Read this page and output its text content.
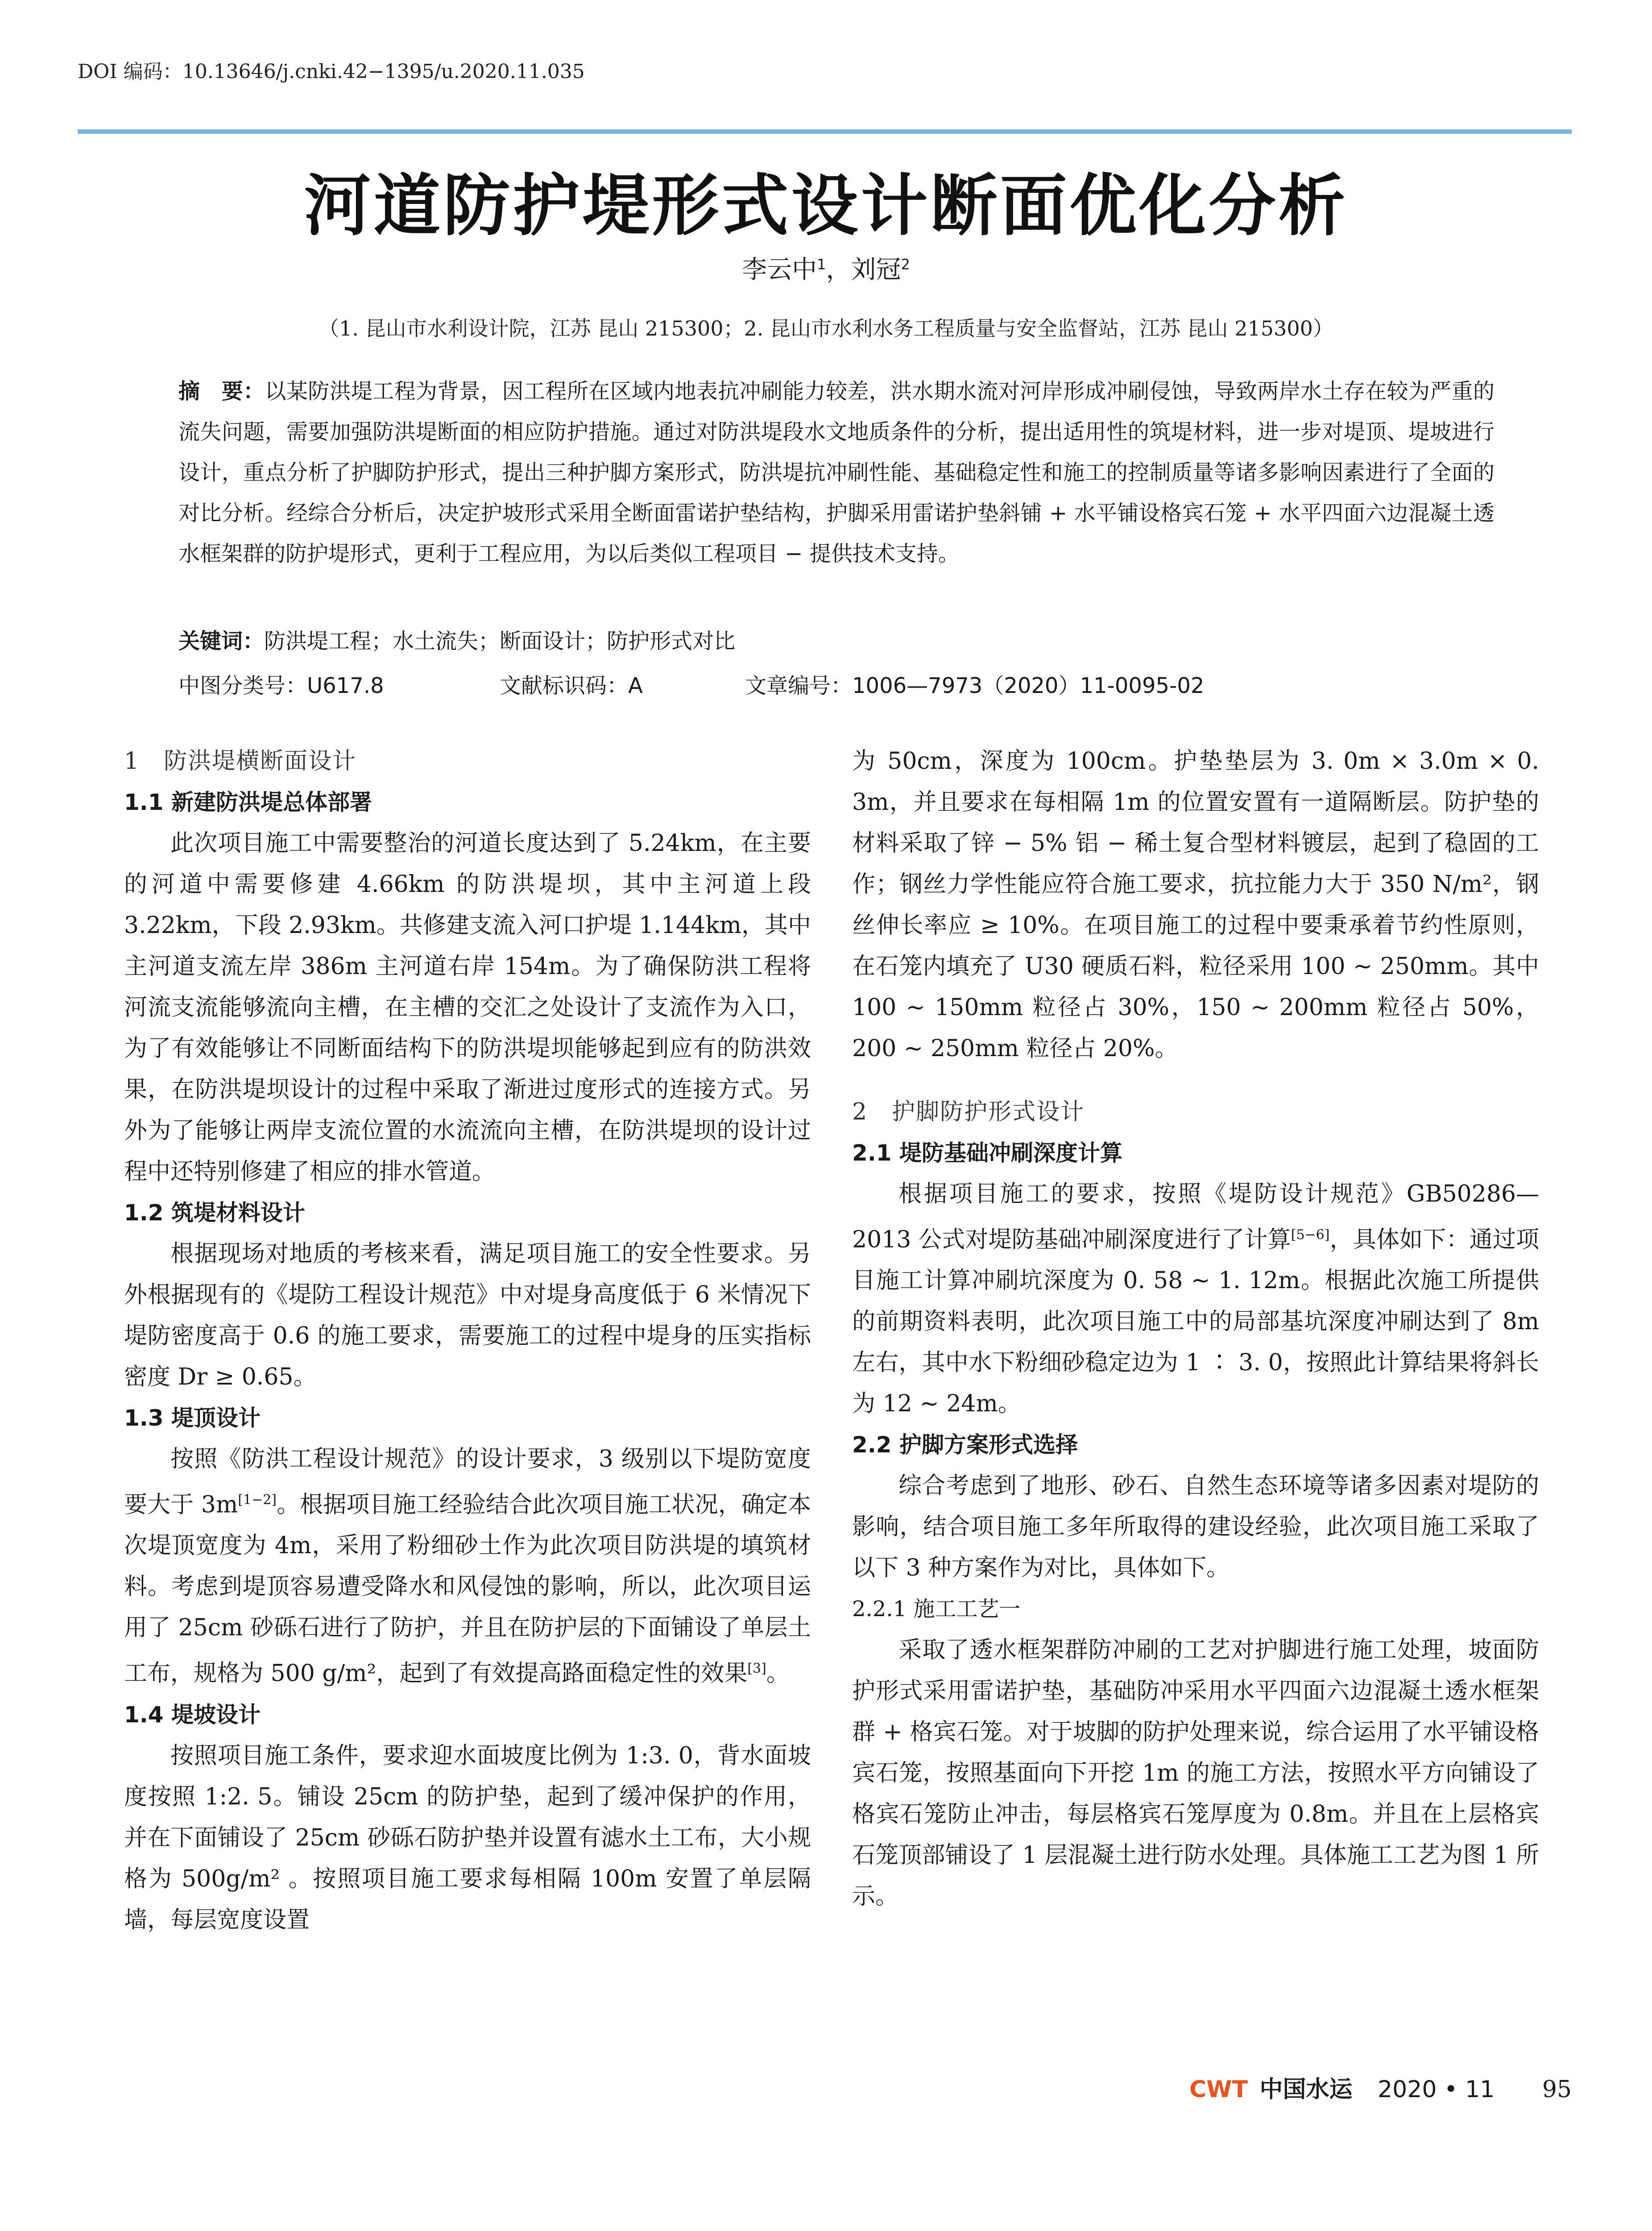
DOI 编码：10.13646/j.cnki.42−1395/u.2020.11.035
河道防护堤形式设计断面优化分析
李云中$^1$，刘冠$^2$
（1. 昆山市水利设计院，江苏 昆山 215300；2. 昆山市水利水务工程质量与安全监督站，江苏 昆山 215300）
摘　要：以某防洪堤工程为背景，因工程所在区域内地表抗冲刷能力较差，洪水期水流对河岸形成冲刷侵蚀，导致两岸水土存在较为严重的流失问题，需要加强防洪堤断面的相应防护措施。通过对防洪堤段水文地质条件的分析，提出适用性的筑堤材料，进一步对堤顶、堤坡进行设计，重点分析了护脚防护形式，提出三种护脚方案形式，防洪堤抗冲刷性能、基础稳定性和施工的控制质量等诸多影响因素进行了全面的对比分析。经综合分析后，决定护坡形式采用全断面雷诺护垫结构，护脚采用雷诺护垫斜铺 + 水平铺设格宾石笼 + 水平四面六边混凝土透水框架群的防护堤形式，更利于工程应用，为以后类似工程项目 − 提供技术支持。
关键词：防洪堤工程；水土流失；断面设计；防护形式对比
中图分类号：U617.8	文献标识码：A	文章编号：1006—7973（2020）11-0095-02
1　防洪堤横断面设计
1.1 新建防洪堤总体部署

此次项目施工中需要整治的河道长度达到了 5.24km，在主要的河道中需要修建 4.66km 的防洪堤坝，其中主河道上段 3.22km，下段 2.93km。共修建支流入河口护堤 1.144km，其中主河道支流左岸 386m 主河道右岸 154m。为了确保防洪工程将河流支流能够流向主槽，在主槽的交汇之处设计了支流作为入口，为了有效能够让不同断面结构下的防洪堤坝能够起到应有的防洪效果，在防洪堤坝设计的过程中采取了渐进过度形式的连接方式。另外为了能够让两岸支流位置的水流流向主槽，在防洪堤坝的设计过程中还特别修建了相应的排水管道。

1.2 筑堤材料设计

根据现场对地质的考核来看，满足项目施工的安全性要求。另外根据现有的《堤防工程设计规范》中对堤身高度低于 6 米情况下堤防密度高于 0.6 的施工要求，需要施工的过程中堤身的压实指标密度 Dr ≥ 0.65。

1.3 堤顶设计

按照《防洪工程设计规范》的设计要求，3 级别以下堤防宽度要大于 3m[1−2]。根据项目施工经验结合此次项目施工状况，确定本次堤顶宽度为 4m，采用了粉细砂土作为此次项目防洪堤的填筑材料。考虑到堤顶容易遭受降水和风侵蚀的影响，所以，此次项目运用了 25cm 砂砾石进行了防护，并且在防护层的下面铺设了单层土工布，规格为 500 g/m²，起到了有效提高路面稳定性的效果[3]。

1.4 堤坡设计

按照项目施工条件，要求迎水面坡度比例为 1:3. 0，背水面坡度按照 1:2. 5。铺设 25cm 的防护垫，起到了缓冲保护的作用，并在下面铺设了 25cm 砂砾石防护垫并设置有滤水土工布，大小规格为 500g/m² 。按照项目施工要求每相隔 100m 安置了单层隔墙，每层宽度设置

为 50cm，深度为 100cm。护垫垫层为 3. 0m × 3.0m × 0. 3m，并且要求在每相隔 1m 的位置安置有一道隔断层。防护垫的材料采取了锌 − 5% 铝 − 稀土复合型材料镀层，起到了稳固的工作；钢丝力学性能应符合施工要求，抗拉能力大于 350 N/m²，钢丝伸长率应 ≥ 10%。在项目施工的过程中要秉承着节约性原则，在石笼内填充了 U30 硬质石料，粒径采用 100 ~ 250mm。其中 100 ~ 150mm 粒径占 30%，150 ~ 200mm 粒径占 50%，200 ~ 250mm 粒径占 20%。

2　护脚防护形式设计
2.1 堤防基础冲刷深度计算

根据项目施工的要求，按照《堤防设计规范》GB50286—2013 公式对堤防基础冲刷深度进行了计算[5−6]，具体如下：通过项目施工计算冲刷坑深度为 0. 58 ~ 1. 12m。根据此次施工所提供的前期资料表明，此次项目施工中的局部基坑深度冲刷达到了 8m 左右，其中水下粉细砂稳定边为 1 ∶ 3. 0，按照此计算结果将斜长为 12 ~ 24m。

2.2 护脚方案形式选择

综合考虑到了地形、砂石、自然生态环境等诸多因素对堤防的影响，结合项目施工多年所取得的建设经验，此次项目施工采取了以下 3 种方案作为对比，具体如下。

2.2.1 施工工艺一

采取了透水框架群防冲刷的工艺对护脚进行施工处理，坡面防护形式采用雷诺护垫，基础防冲采用水平四面六边混凝土透水框架群 + 格宾石笼。对于坡脚的防护处理来说，综合运用了水平铺设格宾石笼，按照基面向下开挖 1m 的施工方法，按照水平方向铺设了格宾石笼防止冲击，每层格宾石笼厚度为 0.8m。并且在上层格宾石笼顶部铺设了 1 层混凝土进行防水处理。具体施工工艺为图 1 所示。

CWT 中国水运 2020 • 11 95
